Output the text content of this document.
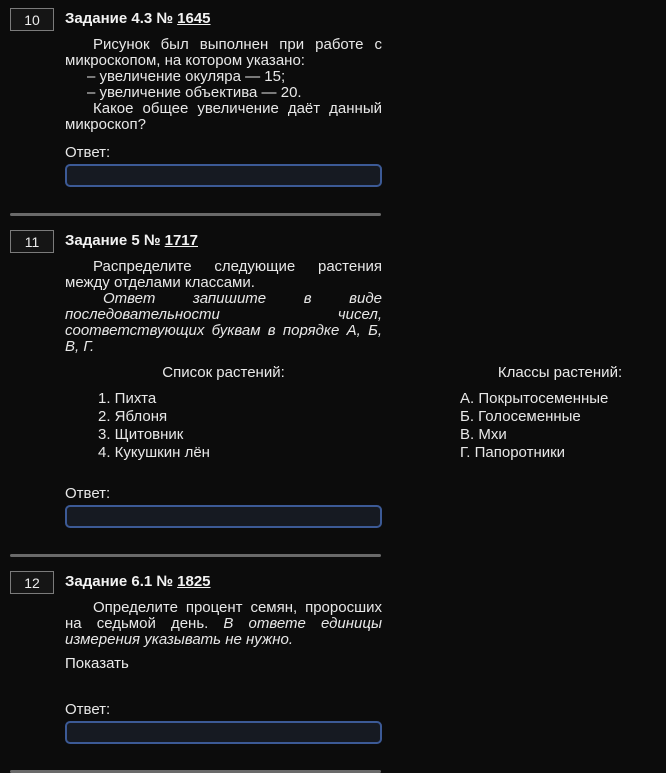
10	Задание 4.3 № 1645

Рисунок был выполнен при работе с микроскопом, на котором указано:

– увеличение окуляра — 15;
– увеличение объектива — 20.

Какое общее увеличение даёт данный микроскоп?

Ответ:
11	Задание 5 № 1717

Распределите следующие растения между отделами классами.

Ответ запишите в виде последовательности чисел, соответствующих буквам в порядке А, Б, В, Г.

Список растений:
1. Пихта
2. Яблоня
3. Щитовник
4. Кукушкин лён
Классы растений:
А. Покрытосеменные
Б. Голосеменные
В. Мхи
Г. Папоротники
Ответ:
12	Задание 6.1 № 1825

Определите процент семян, проросших на седьмой день. В ответе единицы измерения указывать не нужно.

Показать
Ответ:
